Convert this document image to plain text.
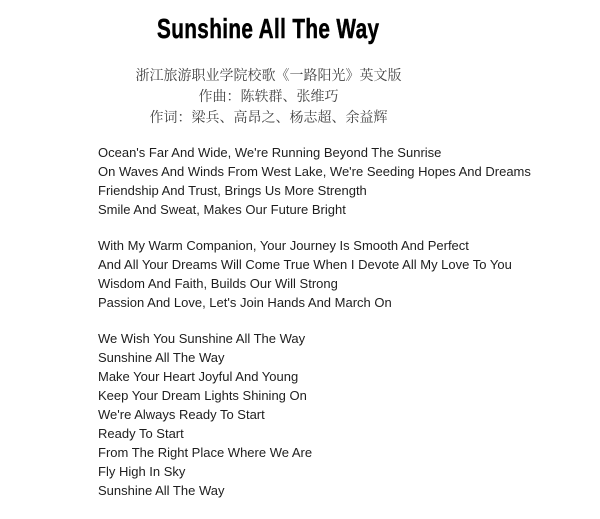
Sunshine All The Way
浙江旅游职业学院校歌《一路阳光》英文版
作曲：陈轶群、张维巧
作词：梁兵、高昂之、杨志超、余益辉
Ocean's Far And Wide, We're Running Beyond The Sunrise
On Waves And Winds From West Lake, We're Seeding Hopes And Dreams
Friendship And Trust, Brings Us More Strength
Smile And Sweat, Makes Our Future Bright
With My Warm Companion, Your Journey Is Smooth And Perfect
And All Your Dreams Will Come True When I Devote All My Love To You
Wisdom And Faith, Builds Our Will Strong
Passion And Love, Let's Join Hands And March On
We Wish You Sunshine All The Way
Sunshine All The Way
Make Your Heart Joyful And Young
Keep Your Dream Lights Shining On
We're Always Ready To Start
Ready To Start
From The Right Place Where We Are
Fly High In Sky
Sunshine All The Way
